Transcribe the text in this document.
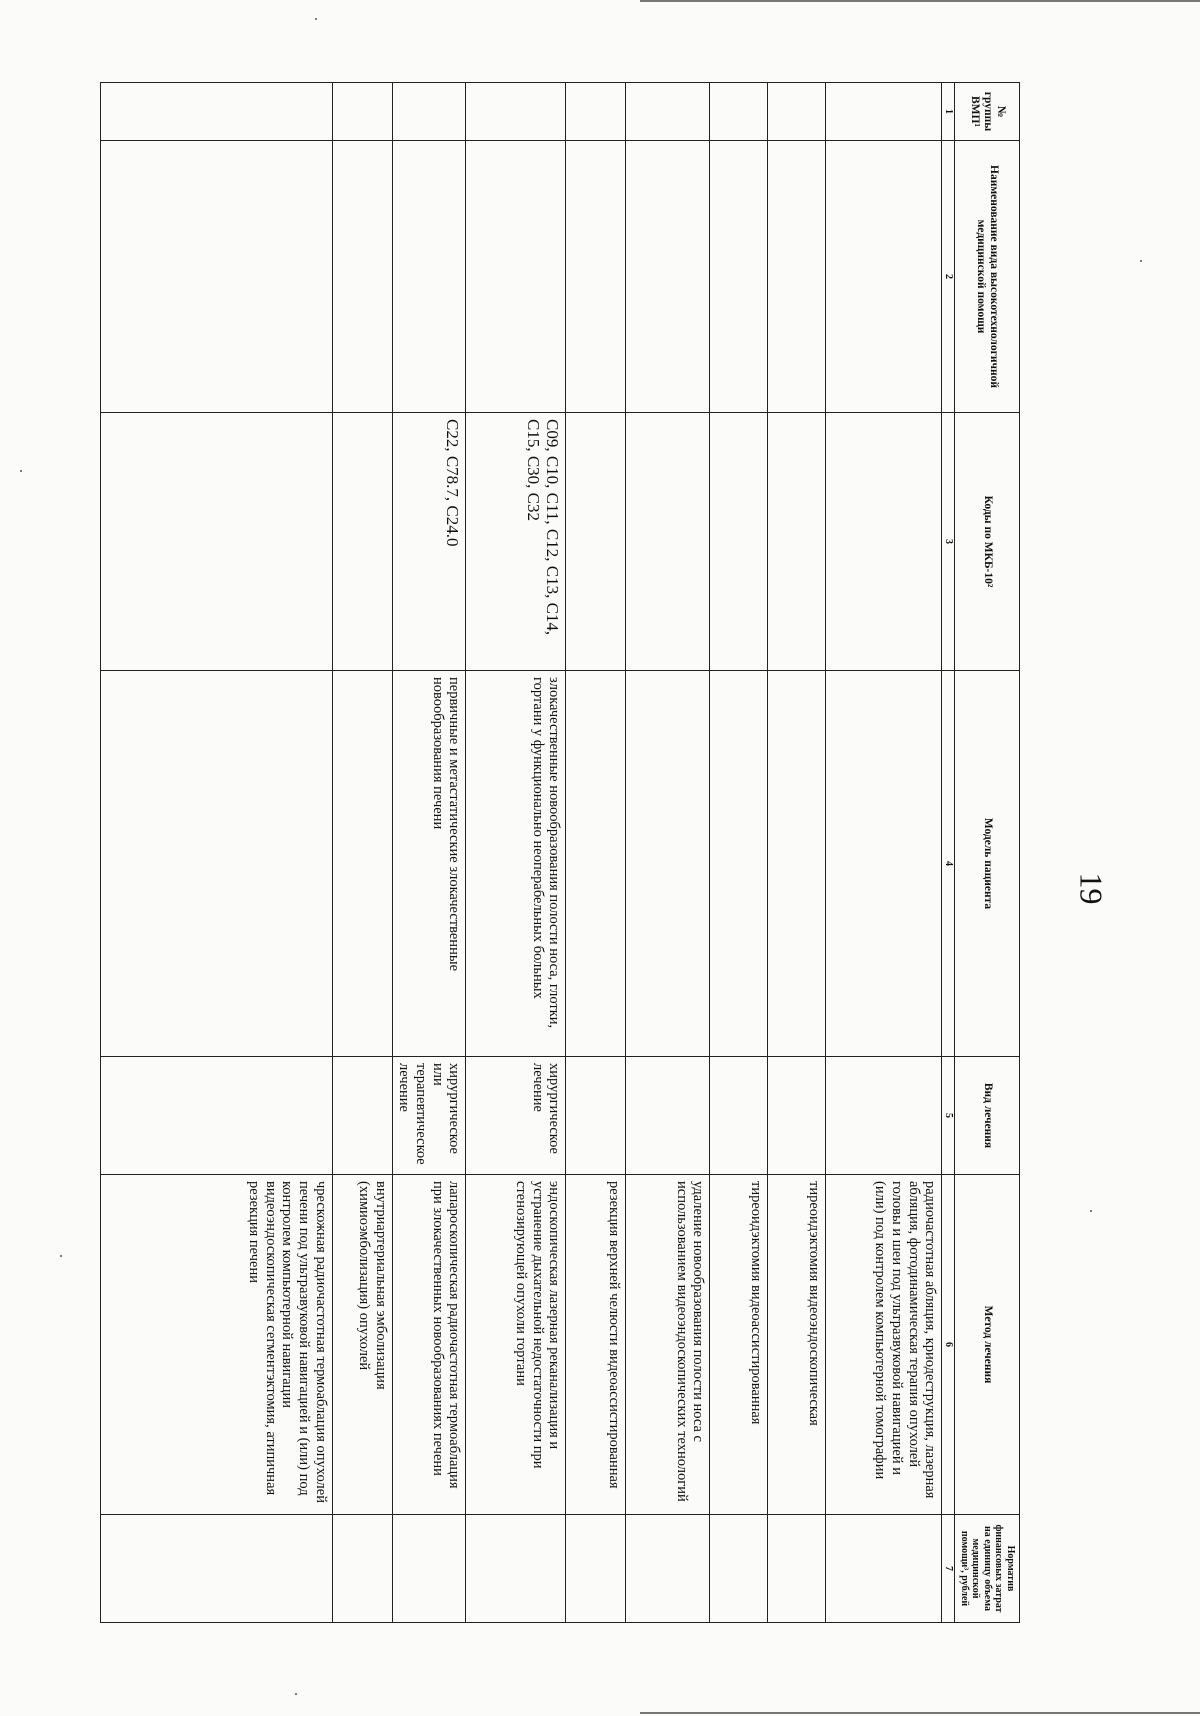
19
№ группы ВМП¹	Наименование вида высокотехнологичной медицинской помощи	Коды по МКБ-10²	Модель пациента	Вид лечения	Метод лечения	Норматив финансовых затрат на единицу объема медицинской помощи³, рублей
1	2	3	4	5	6	7
					радиочастотная абляция, криодеструкция, лазерная абляция, фотодинамическая терапия опухолей головы и шеи под ультразвуковой навигацией и (или) под контролем компьютерной томографии	
					тиреоидэктомия видеоэндоскопическая	
					тиреоидэктомия видеоассистированная	
					удаление новообразования полости носа с использованием видеоэндоскопических технологий	
					резекция верхней челюсти видеоассистированная	
		C09, C10, C11, C12, C13, C14, C15, C30, C32	злокачественные новообразования полости носа, глотки, гортани у функционально неоперабельных больных	хирургическое лечение	эндоскопическая лазерная реканализация и устранение дыхательной недостаточности при стенозирующей опухоли гортани	
		C22, C78.7, C24.0	первичные и метастатические злокачественные новообразования печени	хирургическое или терапевтическое лечение	лапароскопическая радиочастотная термоаблация при злокачественных новообразованиях печени	
					внутриартериальная эмболизация (химиоэмболизация) опухолей	
					чрескожная радиочастотная термоаблация опухолей печени под ультразвуковой навигацией и (или) под контролем компьютерной навигации видеоэндоскопическая сегментэктомия, атипичная резекция печени	
